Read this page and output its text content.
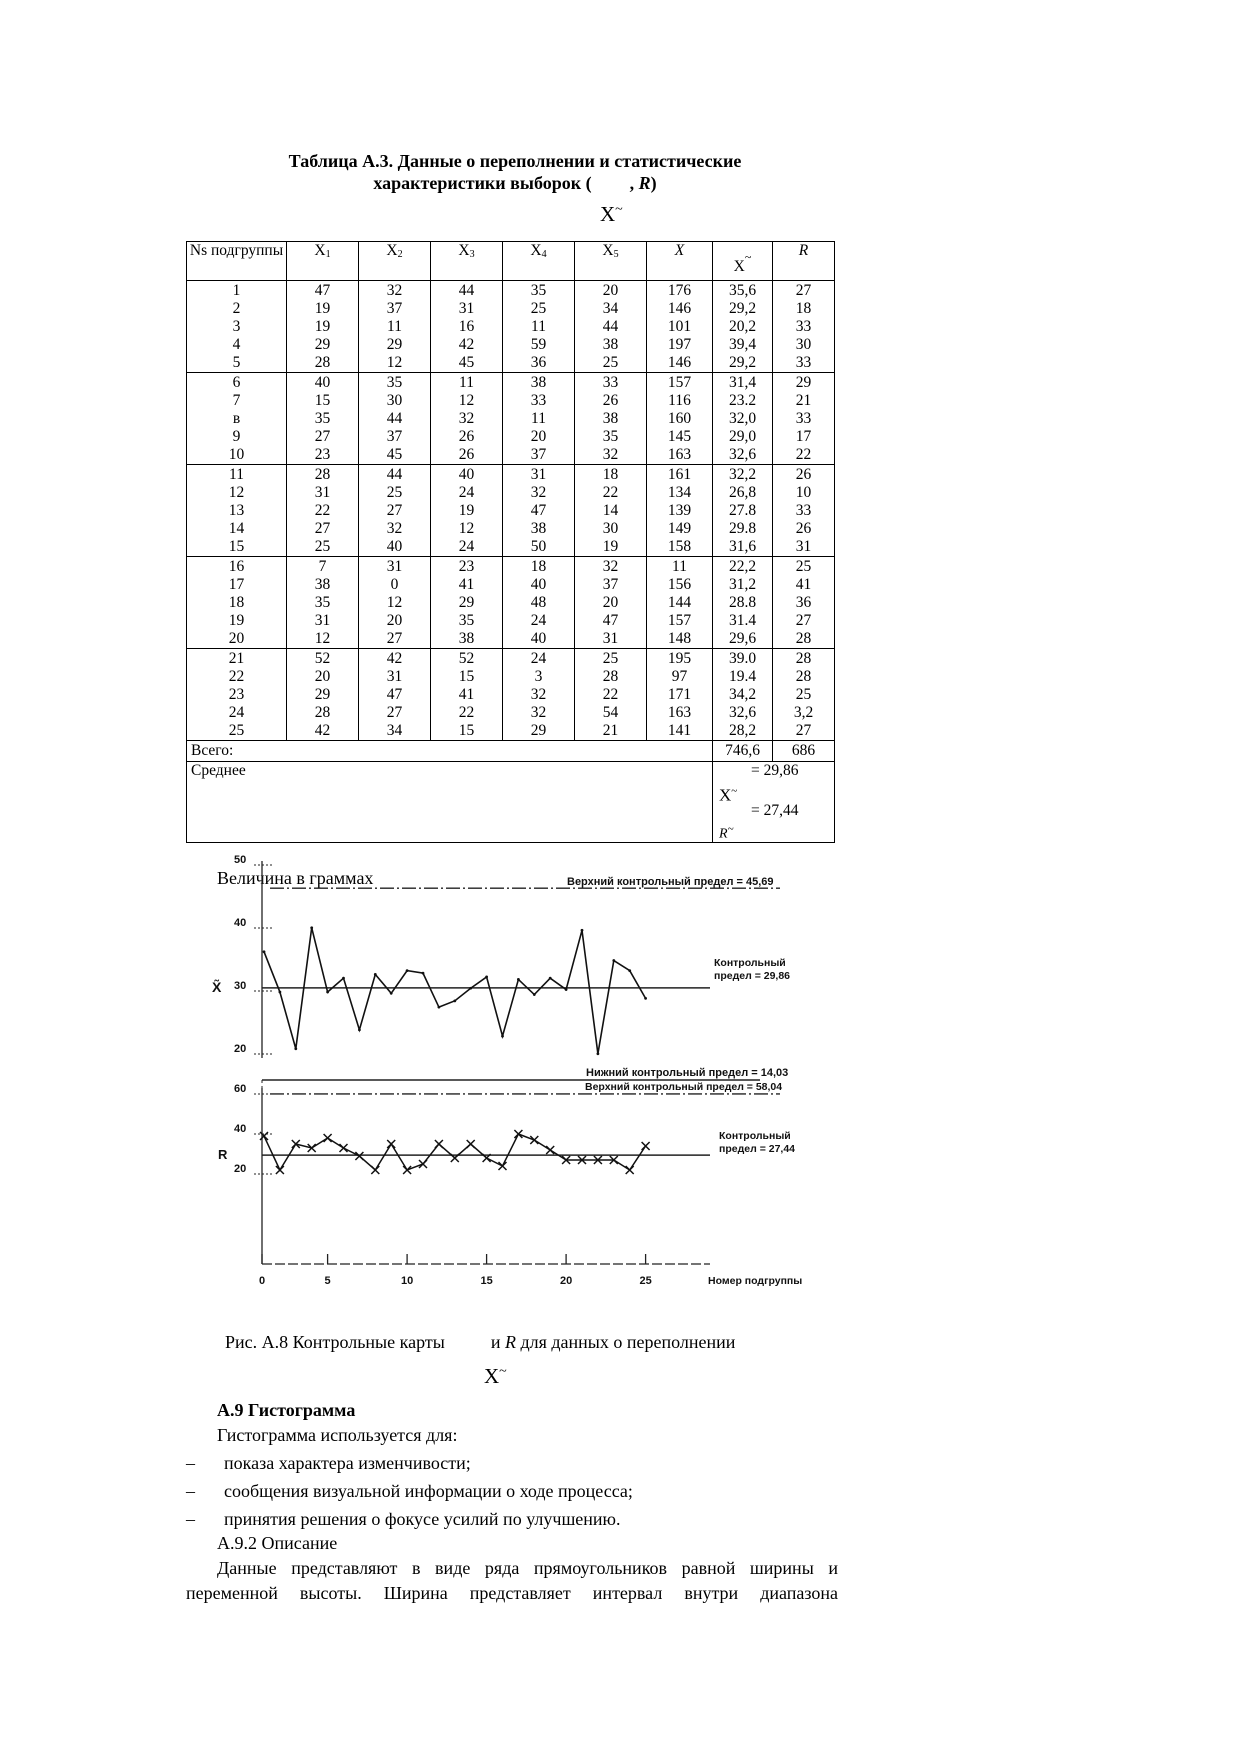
Таблица А.3. Данные о переполнении и статистические
характеристики выборок ( , R)
X~
Ns подгруппы	$X_1$	$X_2$	$X_3$	$X_4$	$X_5$	X	X~	R
1	47	32	44	35	20	176	35,6	27
2	19	37	31	25	34	146	29,2	18
3	19	11	16	11	44	101	20,2	33
4	29	29	42	59	38	197	39,4	30
5	28	12	45	36	25	146	29,2	33
6	40	35	11	38	33	157	31,4	29
7	15	30	12	33	26	116	23.2	21
в	35	44	32	11	38	160	32,0	33
9	27	37	26	20	35	145	29,0	17
10	23	45	26	37	32	163	32,6	22
11	28	44	40	31	18	161	32,2	26
12	31	25	24	32	22	134	26,8	10
13	22	27	19	47	14	139	27.8	33
14	27	32	12	38	30	149	29.8	26
15	25	40	24	50	19	158	31,6	31
16	7	31	23	18	32	11	22,2	25
17	38	0	41	40	37	156	31,2	41
18	35	12	29	48	20	144	28.8	36
19	31	20	35	24	47	157	31.4	27
20	12	27	38	40	31	148	29,6	28
21	52	42	52	24	25	195	39.0	28
22	20	31	15	3	28	97	19.4	28
23	29	47	41	32	22	171	34,2	25
24	28	27	22	32	54	163	32,6	3,2
25	42	34	15	29	21	141	28,2	27
Всего:							746,6	686
Среднее							= 29,86
X~
= 27,44
R~
Величина в граммах
20
30
40
50
X̃
Верхний контрольный предел = 45,69
Контрольный
предел = 29,86
Нижний контрольный предел = 14,03
20
40
60
R
Верхний контрольный предел = 58,04
Контрольный
предел = 27,44
0	5	10	15	20	25	Номер подгруппы
Рис. А.8 Контрольные карты	и R для данных о переполнении
X~
А.9 Гистограмма
Гистограмма используется для:
– показа характера изменчивости;
– сообщения визуальной информации о ходе процесса;
– принятия решения о фокусе усилий по улучшению.
А.9.2 Описание
Данные представляют в виде ряда прямоугольников равной ширины и
переменной высоты. Ширина представляет интервал внутри диапазона
